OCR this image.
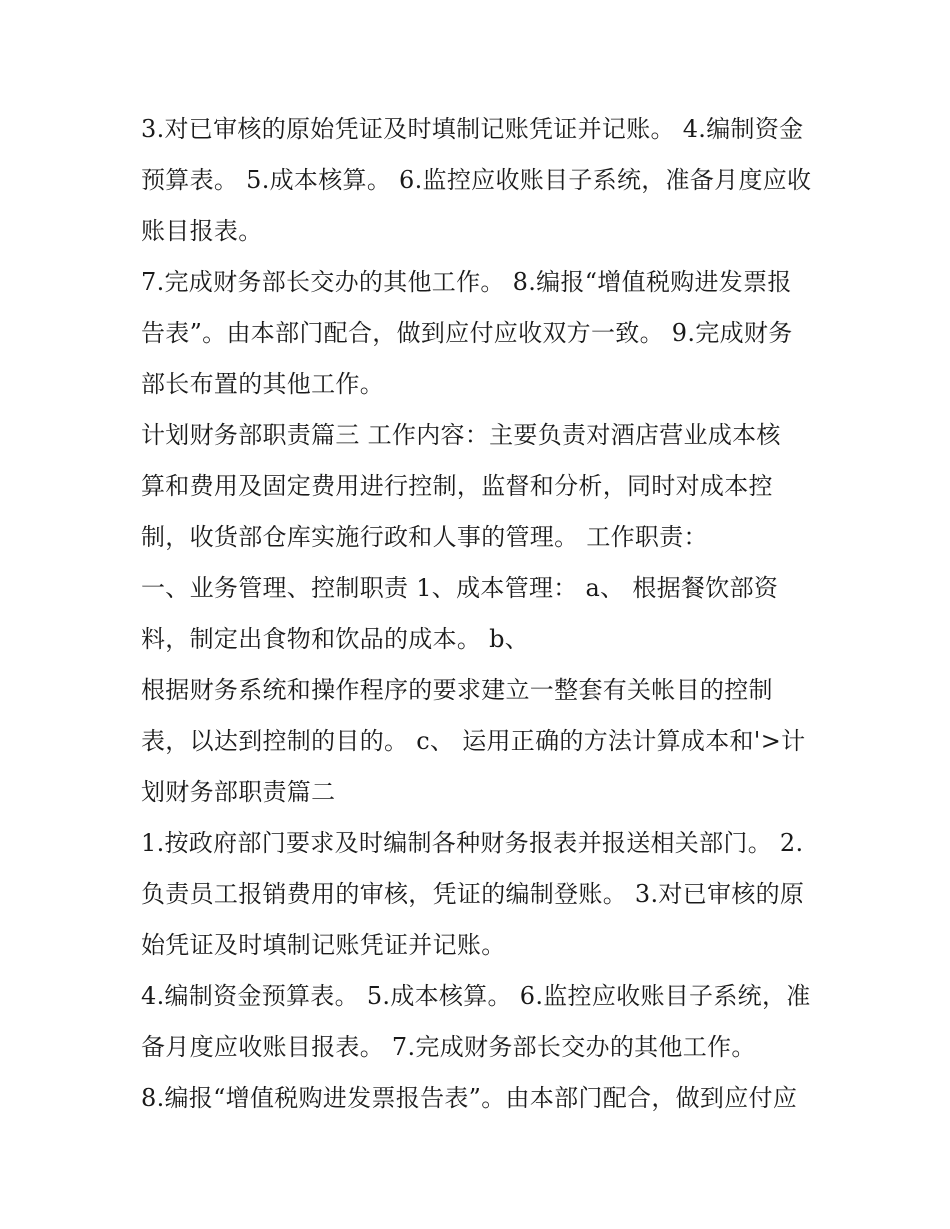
3.对已审核的原始凭证及时填制记账凭证并记账。 4.编制资金
预算表。 5.成本核算。 6.监控应收账目子系统，准备月度应收
账目报表。
7.完成财务部长交办的其他工作。 8.编报“增值税购进发票报
告表”。由本部门配合，做到应付应收双方一致。 9.完成财务
部长布置的其他工作。
计划财务部职责篇三 工作内容：主要负责对酒店营业成本核
算和费用及固定费用进行控制，监督和分析，同时对成本控
制，收货部仓库实施行政和人事的管理。 工作职责：
一、业务管理、控制职责 1、成本管理： a、 根据餐饮部资
料，制定出食物和饮品的成本。 b、
根据财务系统和操作程序的要求建立一整套有关帐目的控制
表，以达到控制的目的。 c、 运用正确的方法计算成本和'>计
划财务部职责篇二
1.按政府部门要求及时编制各种财务报表并报送相关部门。 2.
负责员工报销费用的审核，凭证的编制登账。 3.对已审核的原
始凭证及时填制记账凭证并记账。
4.编制资金预算表。 5.成本核算。 6.监控应收账目子系统，准
备月度应收账目报表。 7.完成财务部长交办的其他工作。
8.编报“增值税购进发票报告表”。由本部门配合，做到应付应
